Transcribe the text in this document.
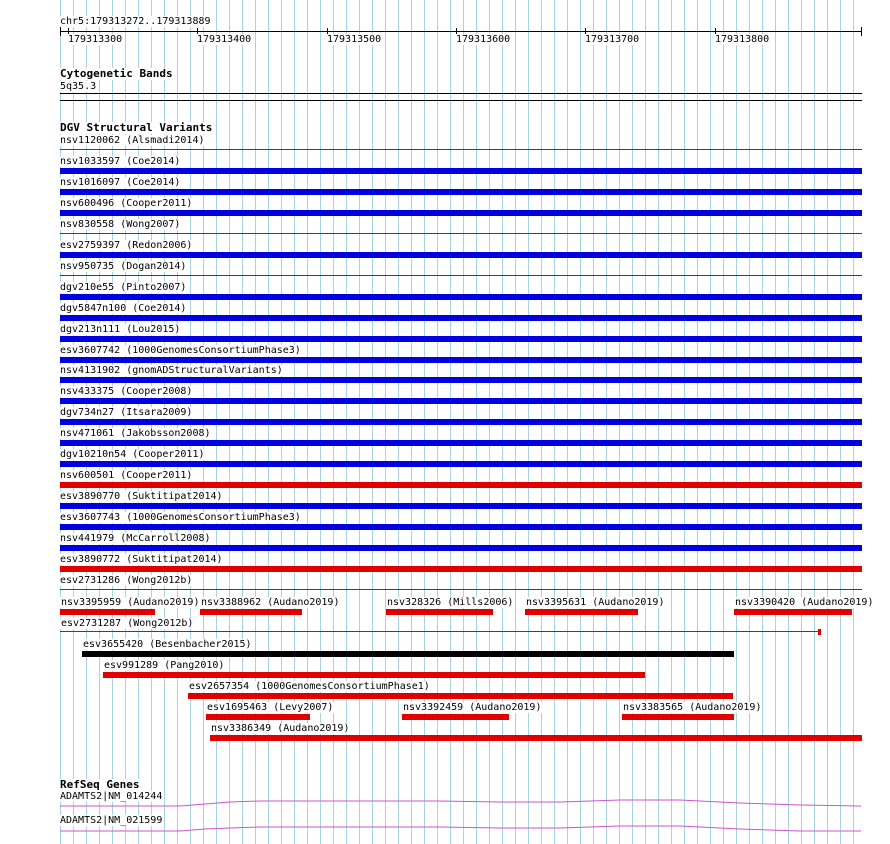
chr5:179313272..179313889
179313300	179313400	179313500	179313600	179313700	179313800
Cytogenetic Bands
5q35.3
DGV Structural Variants
nsv1120062 (Alsmadi2014)
nsv1033597 (Coe2014)
nsv1016097 (Coe2014)
nsv600496 (Cooper2011)
nsv830558 (Wong2007)
esv2759397 (Redon2006)
nsv950735 (Dogan2014)
dgv210e55 (Pinto2007)
dgv5847n100 (Coe2014)
dgv213n111 (Lou2015)
esv3607742 (1000GenomesConsortiumPhase3)
nsv4131902 (gnomADStructuralVariants)
nsv433375 (Cooper2008)
dgv734n27 (Itsara2009)
nsv471061 (Jakobsson2008)
dgv10210n54 (Cooper2011)
nsv600501 (Cooper2011)
esv3890770 (Suktitipat2014)
esv3607743 (1000GenomesConsortiumPhase3)
nsv441979 (McCarroll2008)
esv3890772 (Suktitipat2014)
esv2731286 (Wong2012b)
nsv3395959 (Audano2019) nsv3388962 (Audano2019)	nsv328326 (Mills2006) nsv3395631 (Audano2019)	nsv3390420 (Audano2019)
esv2731287 (Wong2012b)
esv3655420 (Besenbacher2015)
esv991289 (Pang2010)
esv2657354 (1000GenomesConsortiumPhase1)
esv1695463 (Levy2007)	nsv3392459 (Audano2019)	nsv3383565 (Audano2019)
nsv3386349 (Audano2019)
RefSeq Genes
ADAMTS2|NM_014244
ADAMTS2|NM_021599
